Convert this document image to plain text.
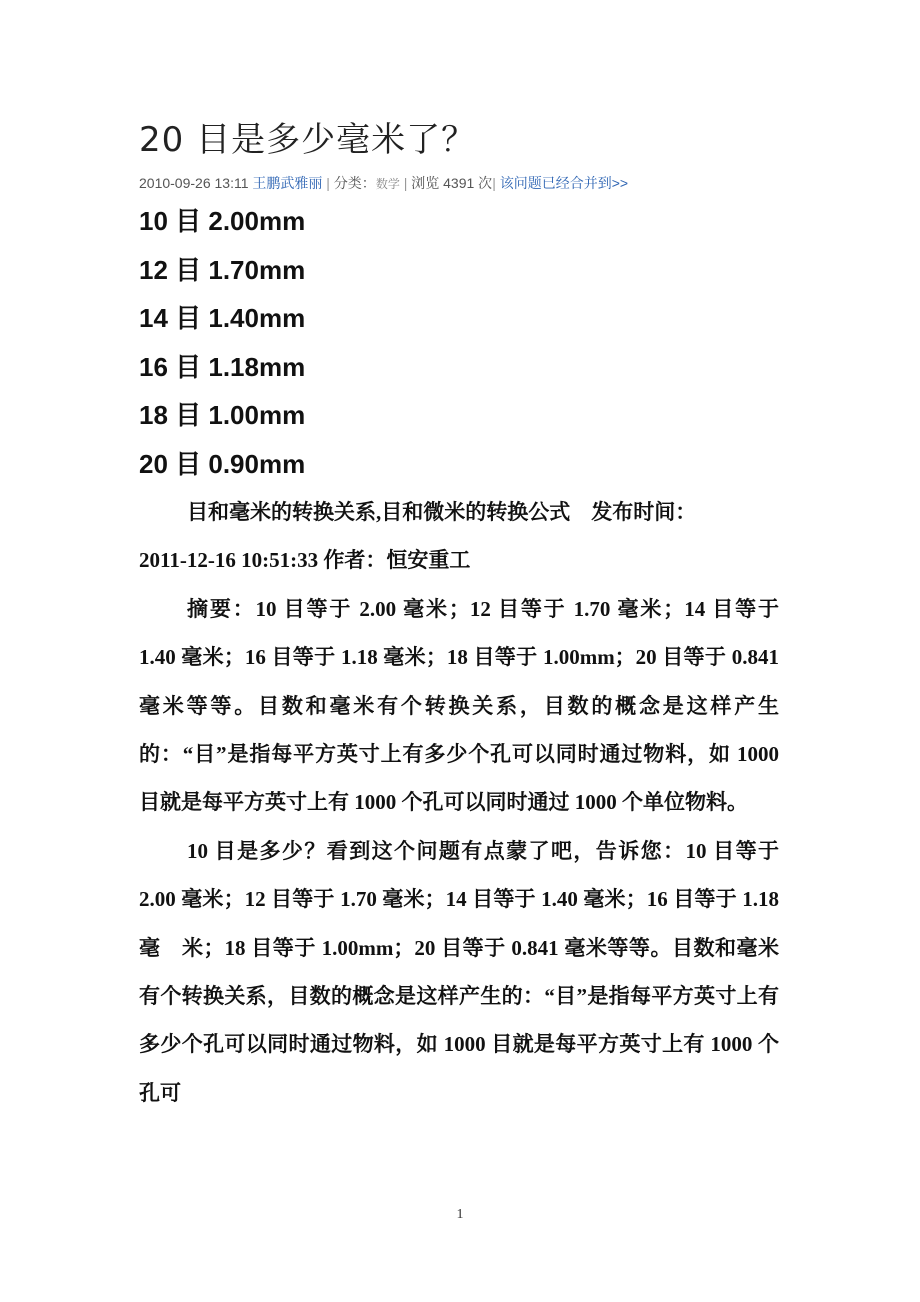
20 目是多少毫米了？
2010-09-26 13:11 王鹏武雅丽 | 分类：数学 | 浏览 4391 次| 该问题已经合并到>>
10 目 2.00mm
12 目 1.70mm
14 目 1.40mm
16 目 1.18mm
18 目 1.00mm
20 目 0.90mm

目和毫米的转换关系,目和微米的转换公式　发布时间：

2011-12-16 10:51:33 作者：恒安重工

摘要：10 目等于 2.00 毫米；12 目等于 1.70 毫米；14 目等于 1.40 毫米；16 目等于 1.18 毫米；18 目等于 1.00mm；20 目等于 0.841 毫米等等。目数和毫米有个转换关系，目数的概念是这样产生的：“目”是指每平方英寸上有多少个孔可以同时通过物料，如 1000 目就是每平方英寸上有 1000 个孔可以同时通过 1000 个单位物料。

10 目是多少？看到这个问题有点蒙了吧，告诉您：10 目等于 2.00 毫米；12 目等于 1.70 毫米；14 目等于 1.40 毫米；16 目等于 1.18 毫　米；18 目等于 1.00mm；20 目等于 0.841 毫米等等。目数和毫米有个转换关系，目数的概念是这样产生的：“目”是指每平方英寸上有多少个孔可以同时通过物料，如 1000 目就是每平方英寸上有 1000 个孔可

1
